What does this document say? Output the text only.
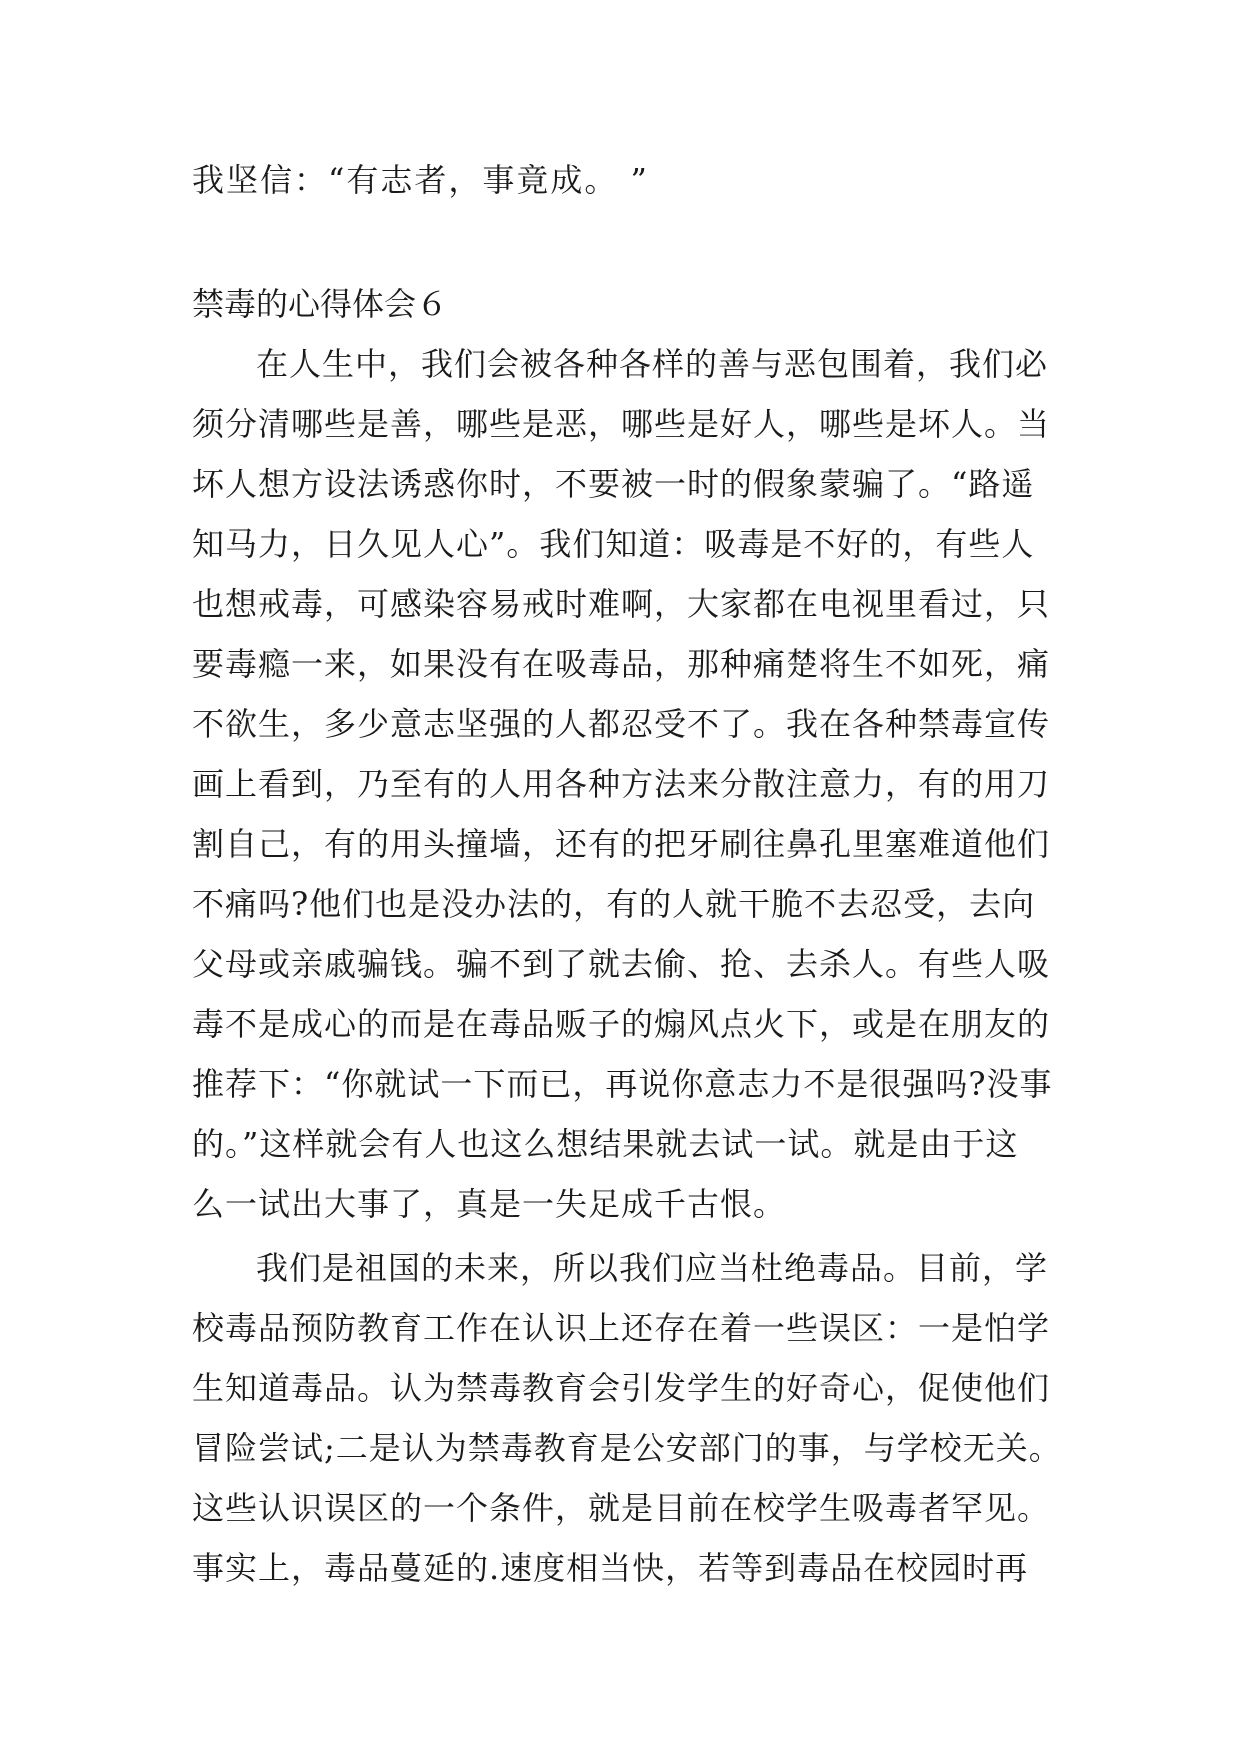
我坚信：“有志者，事竟成。 ”
禁毒的心得体会６
在人生中，我们会被各种各样的善与恶包围着，我们必
须分清哪些是善，哪些是恶，哪些是好人，哪些是坏人。当
坏人想方设法诱惑你时，不要被一时的假象蒙骗了。“路遥
知马力，日久见人心”。我们知道：吸毒是不好的，有些人
也想戒毒，可感染容易戒时难啊，大家都在电视里看过，只
要毒瘾一来，如果没有在吸毒品，那种痛楚将生不如死，痛
不欲生，多少意志坚强的人都忍受不了。我在各种禁毒宣传
画上看到，乃至有的人用各种方法来分散注意力，有的用刀
割自己，有的用头撞墙，还有的把牙刷往鼻孔里塞难道他们
不痛吗?他们也是没办法的，有的人就干脆不去忍受，去向
父母或亲戚骗钱。骗不到了就去偷、抢、去杀人。有些人吸
毒不是成心的而是在毒品贩子的煽风点火下，或是在朋友的
推荐下：“你就试一下而已，再说你意志力不是很强吗?没事
的。”这样就会有人也这么想结果就去试一试。就是由于这
么一试出大事了，真是一失足成千古恨。
我们是祖国的未来，所以我们应当杜绝毒品。目前，学
校毒品预防教育工作在认识上还存在着一些误区：一是怕学
生知道毒品。认为禁毒教育会引发学生的好奇心，促使他们
冒险尝试;二是认为禁毒教育是公安部门的事，与学校无关。
这些认识误区的一个条件，就是目前在校学生吸毒者罕见。
事实上，毒品蔓延的.速度相当快，若等到毒品在校园时再
